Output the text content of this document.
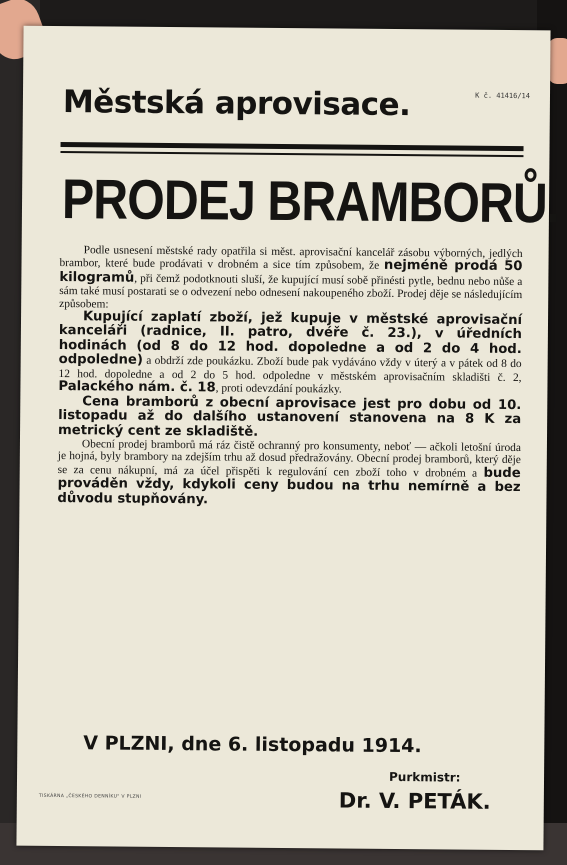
K č. 41416/14
Městská aprovisace.
PRODEJ BRAMBORŮ.

Podle usnesení městské rady opatřila si měst. aprovisační kancelář zásobu výborných, jedlých brambor, které bude prodávati v drobném a sice tím způsobem, že nejméně prodá 50 kilogramů, při čemž podotknouti sluší, že kupující musí sobě přinésti pytle, bednu nebo nůše a sám také musí postarati se o odvezení nebo odnesení nakoupeného zboží. Prodej děje se následujícím způsobem:

Kupující zaplatí zboží, jež kupuje v městské aprovisační kanceláři (radnice, II. patro, dvéře č. 23.), v úředních hodinách (od 8 do 12 hod. dopoledne a od 2 do 4 hod. odpoledne) a obdrží zde poukázku. Zboží bude pak vydáváno vždy v úterý a v pátek od 8 do 12 hod. dopoledne a od 2 do 5 hod. odpoledne v městském aprovisačním skladišti č. 2, Palackého nám. č. 18, proti odevzdání poukázky.

Cena bramborů z obecní aprovisace jest pro dobu od 10. listopadu až do dalšího ustanovení stanovena na 8 K za metrický cent ze skladiště.

Obecní prodej bramborů má ráz čistě ochranný pro konsumenty, neboť — ačkoli letošní úroda je hojná, byly brambory na zdejším trhu až dosud předražovány. Obecní prodej bramborů, který děje se za cenu nákupní, má za účel přispěti k regulování cen zboží toho v drobném a bude prováděn vždy, kdykoli ceny budou na trhu nemírně a bez důvodu stupňovány.

V PLZNI, dne 6. listopadu 1914.
Purkmistr:
Dr. V. PETÁK.
TISKÁRNA „ČESKÉHO DENNÍKU" V PLZNI
